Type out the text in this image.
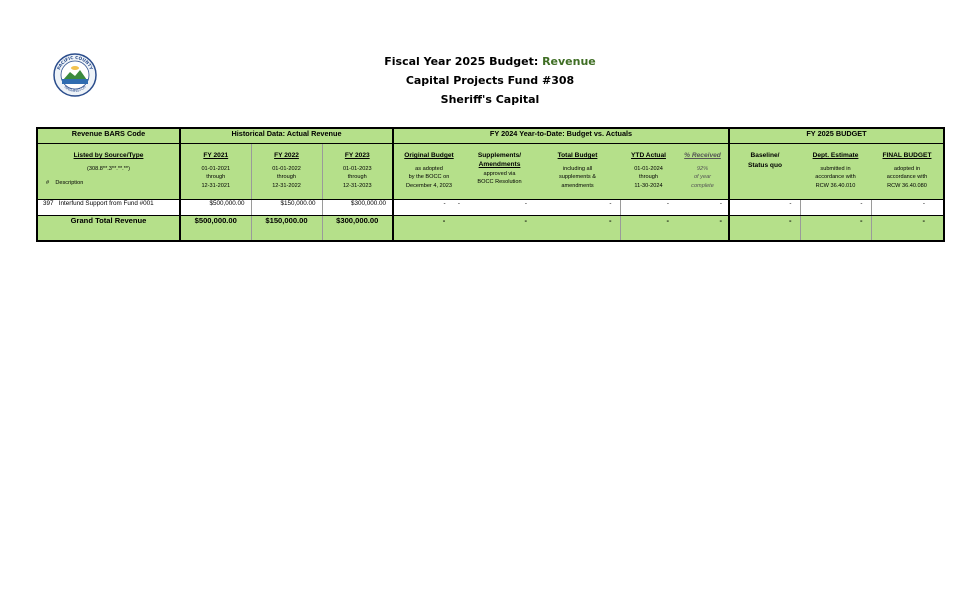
PACIFIC COUNTY
WASHINGTON
Fiscal Year 2025 Budget: Revenue
Capital Projects Fund #308
Sheriff's Capital
Revenue BARS Code	Historical Data: Actual Revenue			FY 2024 Year-to-Date: Budget vs. Actuals					FY 2025 BUDGET		

Listed by Source/Type
(308.8**.3**.**.**)
# Description	FY 2021
01-01-2021
through
12-31-2021	FY 2022
01-01-2022
through
12-31-2022	FY 2023
01-01-2023
through
12-31-2023	Original Budget
as adopted
by the BOCC on
December 4, 2023	Supplements/
Amendments
approved via
BOCC Resolution	Total Budget
including all
supplements &
amendments	YTD Actual
01-01-2024
through
11-30-2024	% Received
92%
of year
complete	Baseline/
Status quo	Dept. Estimate
submitted in
accordance with
RCW 36.40.010	FINAL BUDGET
adopted in
accordance with
RCW 36.40.080

397 Interfund Support from Fund #001	$500,000.00	$150,000.00	$300,000.00	- -	-	-	-	-	-	-	-
Grand Total Revenue	$500,000.00	$150,000.00	$300,000.00	-	-	-	-	-	-	-	-
